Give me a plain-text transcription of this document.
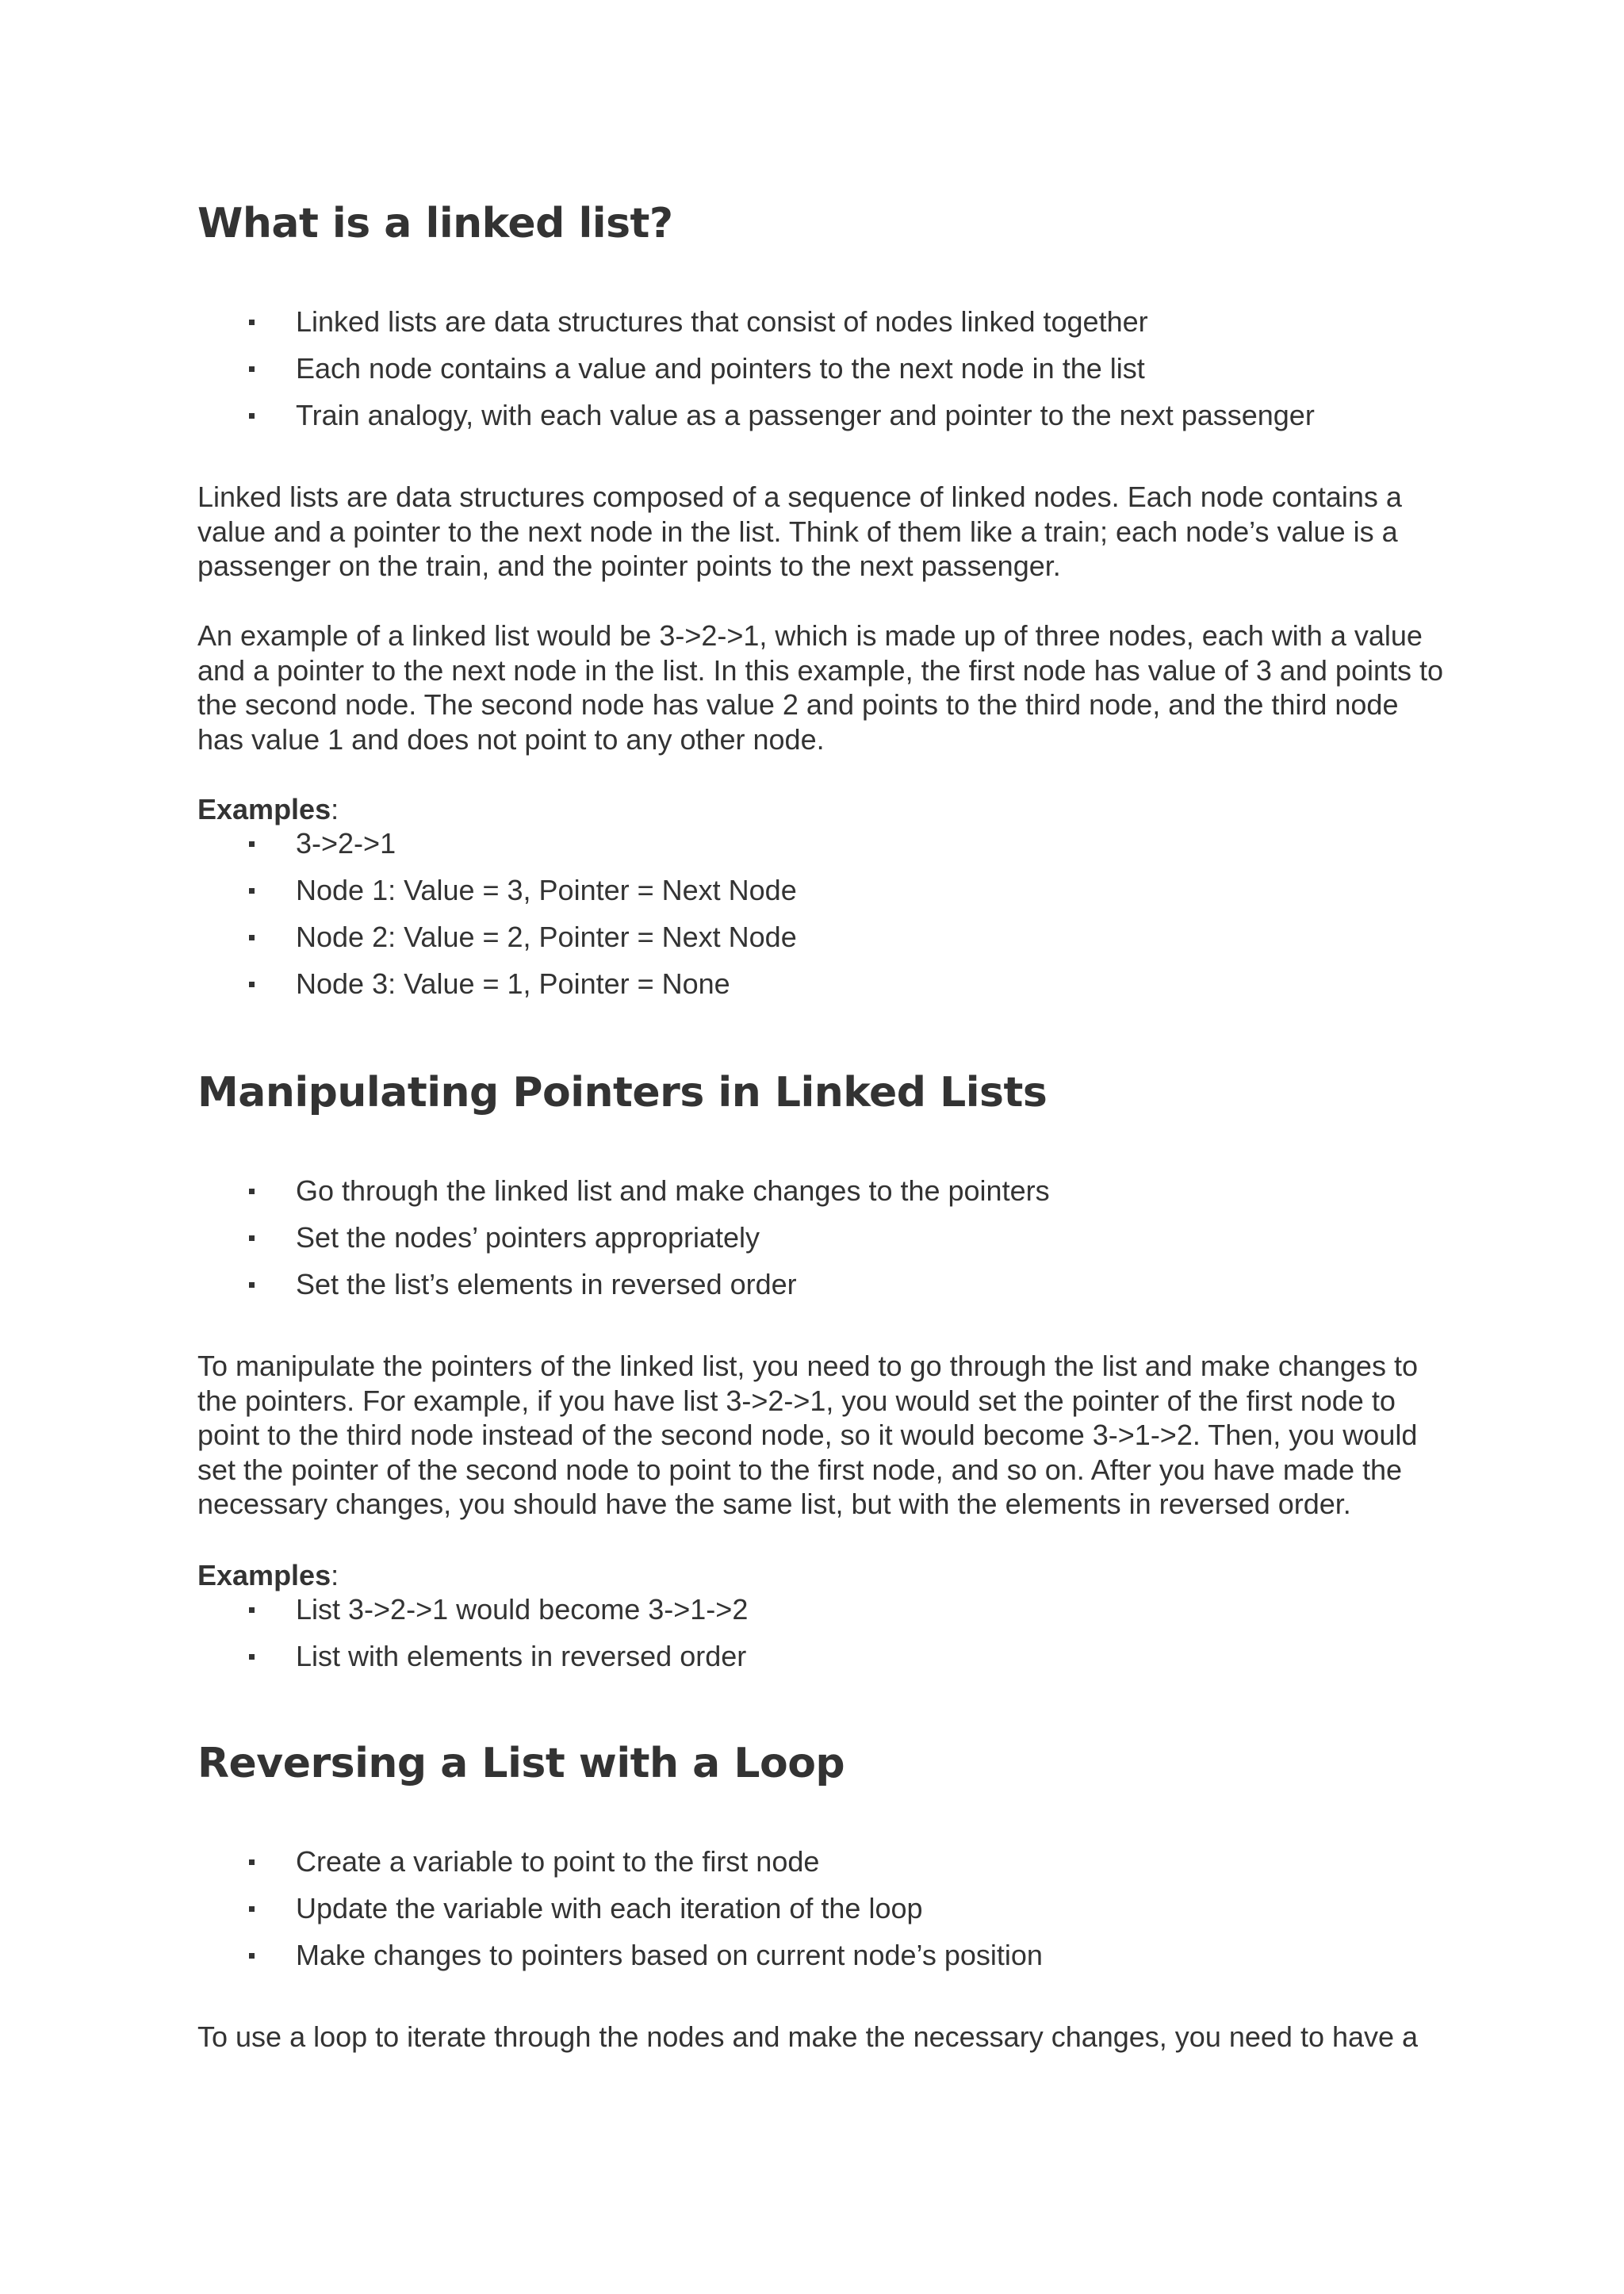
What is a linked list?
Linked lists are data structures that consist of nodes linked together
Each node contains a value and pointers to the next node in the list
Train analogy, with each value as a passenger and pointer to the next passenger

Linked lists are data structures composed of a sequence of linked nodes. Each node contains a value and a pointer to the next node in the list. Think of them like a train; each node’s value is a passenger on the train, and the pointer points to the next passenger.

An example of a linked list would be 3->2->1, which is made up of three nodes, each with a value and a pointer to the next node in the list. In this example, the first node has value of 3 and points to the second node. The second node has value 2 and points to the third node, and the third node has value 1 and does not point to any other node.

Examples:

3->2->1
Node 1: Value = 3, Pointer = Next Node
Node 2: Value = 2, Pointer = Next Node
Node 3: Value = 1, Pointer = None
Manipulating Pointers in Linked Lists
Go through the linked list and make changes to the pointers
Set the nodes’ pointers appropriately
Set the list’s elements in reversed order

To manipulate the pointers of the linked list, you need to go through the list and make changes to the pointers. For example, if you have list 3->2->1, you would set the pointer of the first node to point to the third node instead of the second node, so it would become 3->1->2. Then, you would set the pointer of the second node to point to the first node, and so on. After you have made the necessary changes, you should have the same list, but with the elements in reversed order.

Examples:

List 3->2->1 would become 3->1->2
List with elements in reversed order
Reversing a List with a Loop
Create a variable to point to the first node
Update the variable with each iteration of the loop
Make changes to pointers based on current node’s position

To use a loop to iterate through the nodes and make the necessary changes, you need to have a
